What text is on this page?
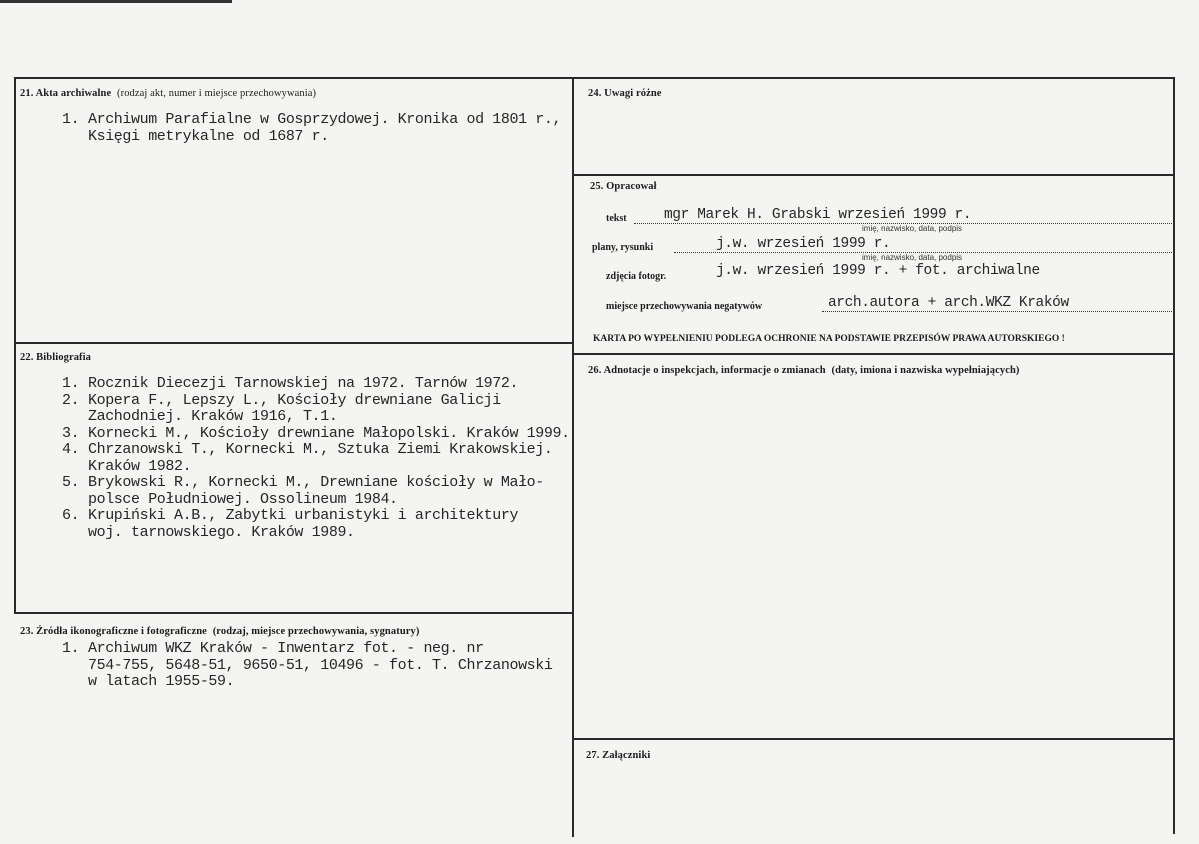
21. Akta archiwalne (rodzaj akt, numer i miejsce przechowywania)
1. Archiwum Parafialne w Gosprzydowej. Kronika od 1801 r.,
Księgi metrykalne od 1687 r.
22. Bibliografia
1. Rocznik Diecezji Tarnowskiej na 1972. Tarnów 1972.
2. Kopera F., Lepszy L., Kościoły drewniane Galicji
Zachodniej. Kraków 1916, T.1.
3. Kornecki M., Kościoły drewniane Małopolski. Kraków 1999.
4. Chrzanowski T., Kornecki M., Sztuka Ziemi Krakowskiej.
Kraków 1982.
5. Brykowski R., Kornecki M., Drewniane kościoły w Mało-
polsce Południowej. Ossolineum 1984.
6. Krupiński A.B., Zabytki urbanistyki i architektury
woj. tarnowskiego. Kraków 1989.
23. Źródła ikonograficzne i fotograficzne (rodzaj, miejsce przechowywania, sygnatury)
1. Archiwum WKZ Kraków - Inwentarz fot. - neg. nr
754-755, 5648-51, 9650-51, 10496 - fot. T. Chrzanowski
w latach 1955-59.
24. Uwagi różne
25. Opracował
tekst	mgr Marek H. Grabski wrzesień 1999 r.
imię, nazwisko, data, podpis
plany, rysunki	j.w. wrzesień 1999 r.
imię, nazwisko, data, podpis
zdjęcia fotogr.	j.w. wrzesień 1999 r. + fot. archiwalne
miejsce przechowywania negatywów	arch.autora + arch.WKZ Kraków
KARTA PO WYPEŁNIENIU PODLEGA OCHRONIE NA PODSTAWIE PRZEPISÓW PRAWA AUTORSKIEGO !
26. Adnotacje o inspekcjach, informacje o zmianach (daty, imiona i nazwiska wypełniających)
27. Załączniki
